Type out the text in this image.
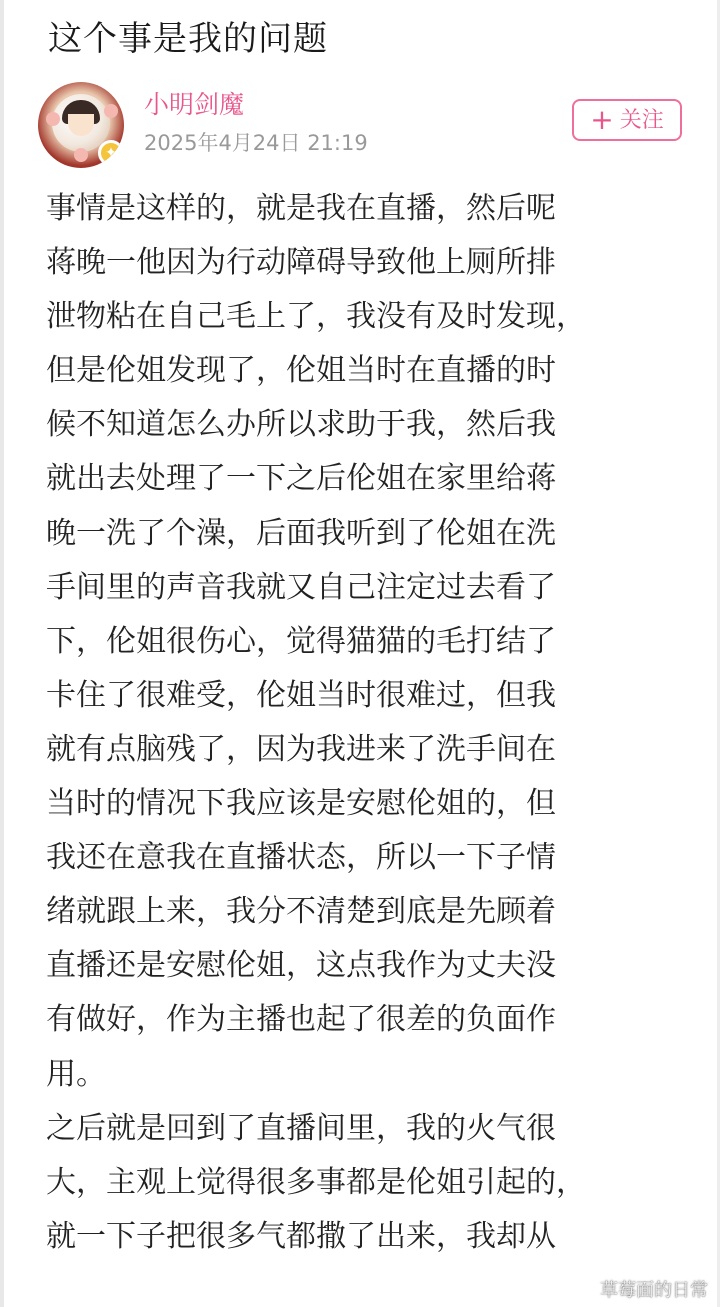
这个事是我的问题
✦
小明剑魔
2025年4月24日 21:19
+ 关注

事情是这样的，就是我在直播，然后呢
蒋晚一他因为行动障碍导致他上厕所排
泄物粘在自己毛上了，我没有及时发现，
但是伦姐发现了，伦姐当时在直播的时
候不知道怎么办所以求助于我，然后我
就出去处理了一下之后伦姐在家里给蒋
晚一洗了个澡，后面我听到了伦姐在洗
手间里的声音我就又自己注定过去看了
下，伦姐很伤心，觉得猫猫的毛打结了
卡住了很难受，伦姐当时很难过，但我
就有点脑残了，因为我进来了洗手间在
当时的情况下我应该是安慰伦姐的，但
我还在意我在直播状态，所以一下子情
绪就跟上来，我分不清楚到底是先顾着
直播还是安慰伦姐，这点我作为丈夫没
有做好，作为主播也起了很差的负面作
用。

之后就是回到了直播间里，我的火气很
大，主观上觉得很多事都是伦姐引起的，
就一下子把很多气都撒了出来，我却从

草莓面的日常
